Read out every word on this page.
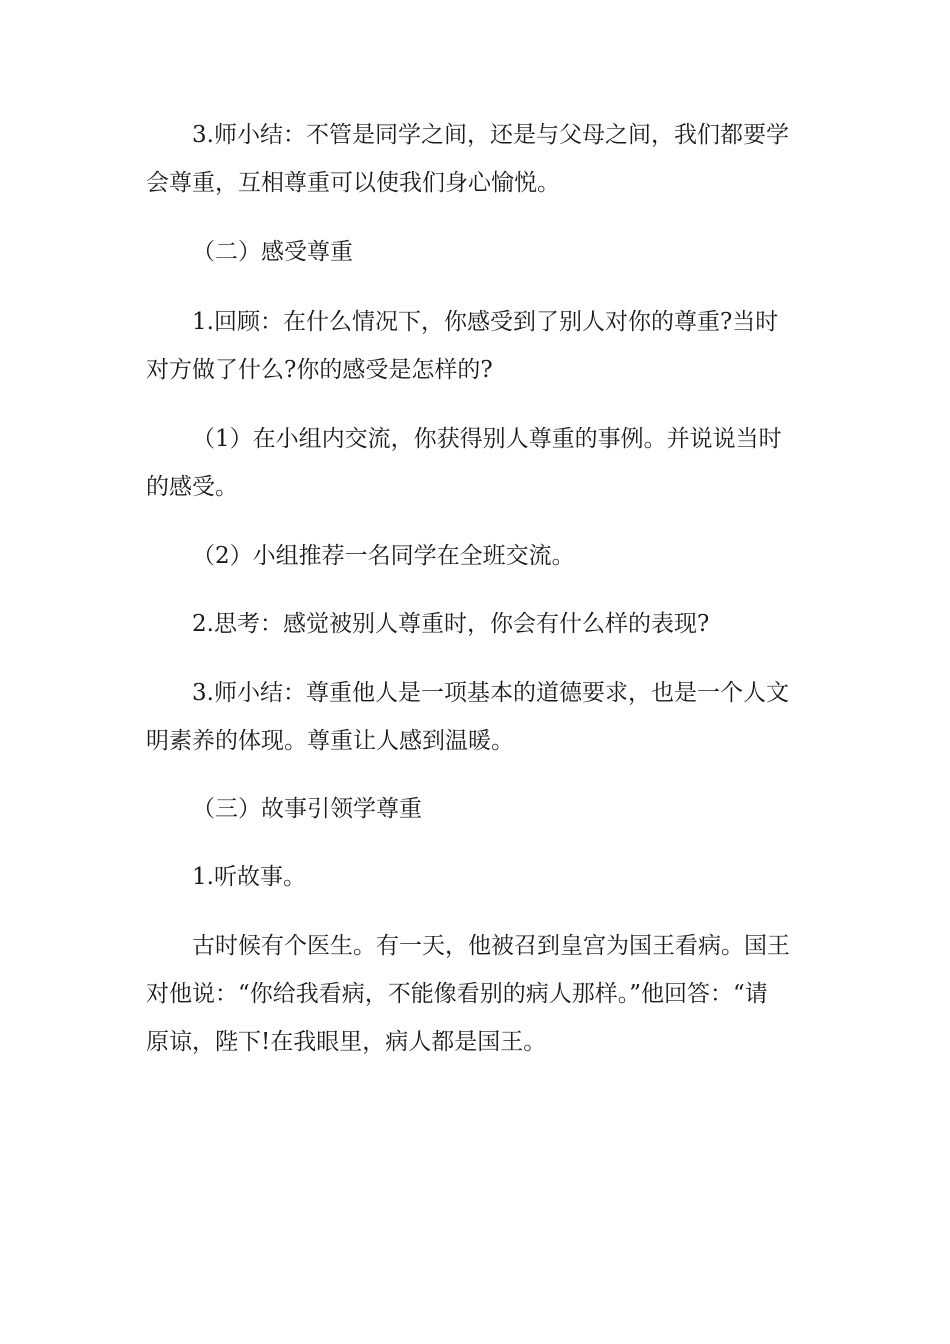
3.师小结：不管是同学之间，还是与父母之间，我们都要学
会尊重，互相尊重可以使我们身心愉悦。

（二）感受尊重

1.回顾：在什么情况下，你感受到了别人对你的尊重?当时
对方做了什么?你的感受是怎样的?

（1）在小组内交流，你获得别人尊重的事例。并说说当时
的感受。

（2）小组推荐一名同学在全班交流。

2.思考：感觉被别人尊重时，你会有什么样的表现?

3.师小结：尊重他人是一项基本的道德要求，也是一个人文
明素养的体现。尊重让人感到温暖。

（三）故事引领学尊重

1.听故事。

古时候有个医生。有一天，他被召到皇宫为国王看病。国王
对他说：“你给我看病，不能像看别的病人那样。”他回答：“请
原谅，陛下!在我眼里，病人都是国王。
